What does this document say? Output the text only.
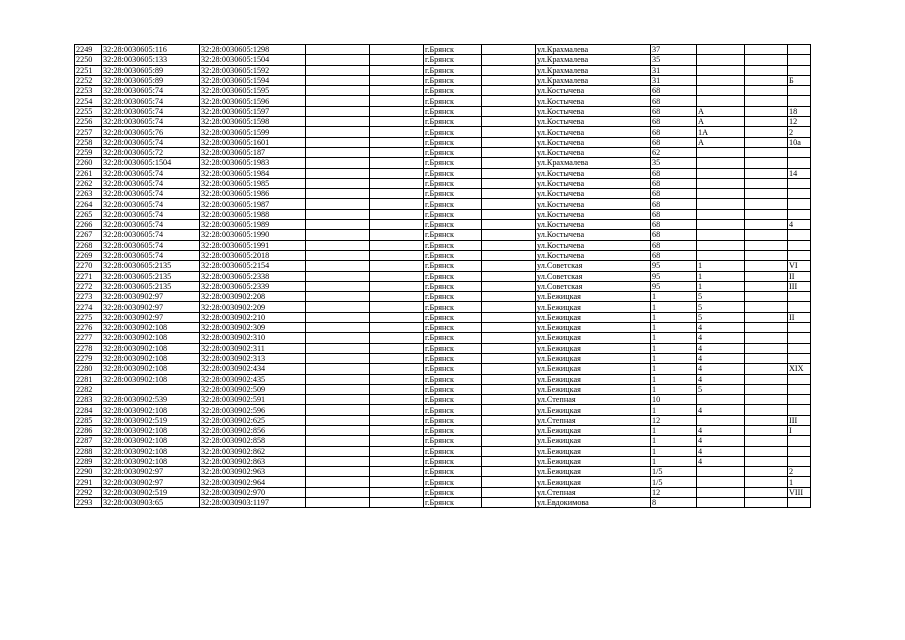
2249	32:28:0030605:116	32:28:0030605:1298			г.Брянск		ул.Крахмалева	37			
2250	32:28:0030605:133	32:28:0030605:1504			г.Брянск		ул.Крахмалева	35			
2251	32:28:0030605:89	32:28:0030605:1592			г.Брянск		ул.Крахмалева	31			
2252	32:28:0030605:89	32:28:0030605:1594			г.Брянск		ул.Крахмалева	31			Б
2253	32:28:0030605:74	32:28:0030605:1595			г.Брянск		ул.Костычева	68			
2254	32:28:0030605:74	32:28:0030605:1596			г.Брянск		ул.Костычева	68			
2255	32:28:0030605:74	32:28:0030605:1597			г.Брянск		ул.Костычева	68	А		18
2256	32:28:0030605:74	32:28:0030605:1598			г.Брянск		ул.Костычева	68	А		12
2257	32:28:0030605:76	32:28:0030605:1599			г.Брянск		ул.Костычева	68	1А		2
2258	32:28:0030605:74	32:28:0030605:1601			г.Брянск		ул.Костычева	68	А		10а
2259	32:28:0030605:72	32:28:0030605:187			г.Брянск		ул.Костычева	62			
2260	32:28:0030605:1504	32:28:0030605:1983			г.Брянск		ул.Крахмалева	35			
2261	32:28:0030605:74	32:28:0030605:1984			г.Брянск		ул.Костычева	68			14
2262	32:28:0030605:74	32:28:0030605:1985			г.Брянск		ул.Костычева	68			
2263	32:28:0030605:74	32:28:0030605:1986			г.Брянск		ул.Костычева	68			
2264	32:28:0030605:74	32:28:0030605:1987			г.Брянск		ул.Костычева	68			
2265	32:28:0030605:74	32:28:0030605:1988			г.Брянск		ул.Костычева	68			
2266	32:28:0030605:74	32:28:0030605:1989			г.Брянск		ул.Костычева	68			4
2267	32:28:0030605:74	32:28:0030605:1990			г.Брянск		ул.Костычева	68			
2268	32:28:0030605:74	32:28:0030605:1991			г.Брянск		ул.Костычева	68			
2269	32:28:0030605:74	32:28:0030605:2018			г.Брянск		ул.Костычева	68			
2270	32:28:0030605:2135	32:28:0030605:2154			г.Брянск		ул.Советская	95	1		VI
2271	32:28:0030605:2135	32:28:0030605:2338			г.Брянск		ул.Советская	95	1		II
2272	32:28:0030605:2135	32:28:0030605:2339			г.Брянск		ул.Советская	95	1		III
2273	32:28:0030902:97	32:28:0030902:208			г.Брянск		ул.Бежицкая	1	5		
2274	32:28:0030902:97	32:28:0030902:209			г.Брянск		ул.Бежицкая	1	5		
2275	32:28:0030902:97	32:28:0030902:210			г.Брянск		ул.Бежицкая	1	5		II
2276	32:28:0030902:108	32:28:0030902:309			г.Брянск		ул.Бежицкая	1	4		
2277	32:28:0030902:108	32:28:0030902:310			г.Брянск		ул.Бежицкая	1	4		
2278	32:28:0030902:108	32:28:0030902:311			г.Брянск		ул.Бежицкая	1	4		
2279	32:28:0030902:108	32:28:0030902:313			г.Брянск		ул.Бежицкая	1	4		
2280	32:28:0030902:108	32:28:0030902:434			г.Брянск		ул.Бежицкая	1	4		XIX
2281	32:28:0030902:108	32:28:0030902:435			г.Брянск		ул.Бежицкая	1	4		
2282		32:28:0030902:509			г.Брянск		ул.Бежицкая	1	5		
2283	32:28:0030902:539	32:28:0030902:591			г.Брянск		ул.Степная	10			
2284	32:28:0030902:108	32:28:0030902:596			г.Брянск		ул.Бежицкая	1	4		
2285	32:28:0030902:519	32:28:0030902:625			г.Брянск		ул.Степная	12			III
2286	32:28:0030902:108	32:28:0030902:856			г.Брянск		ул.Бежицкая	1	4		I
2287	32:28:0030902:108	32:28:0030902:858			г.Брянск		ул.Бежицкая	1	4		
2288	32:28:0030902:108	32:28:0030902:862			г.Брянск		ул.Бежицкая	1	4		
2289	32:28:0030902:108	32:28:0030902:863			г.Брянск		ул.Бежицкая	1	4		
2290	32:28:0030902:97	32:28:0030902:963			г.Брянск		ул.Бежицкая	1/5			2
2291	32:28:0030902:97	32:28:0030902:964			г.Брянск		ул.Бежицкая	1/5			1
2292	32:28:0030902:519	32:28:0030902:970			г.Брянск		ул.Степная	12			VIII
2293	32:28:0030903:65	32:28:0030903:1197			г.Брянск		ул.Евдокимова	8			
